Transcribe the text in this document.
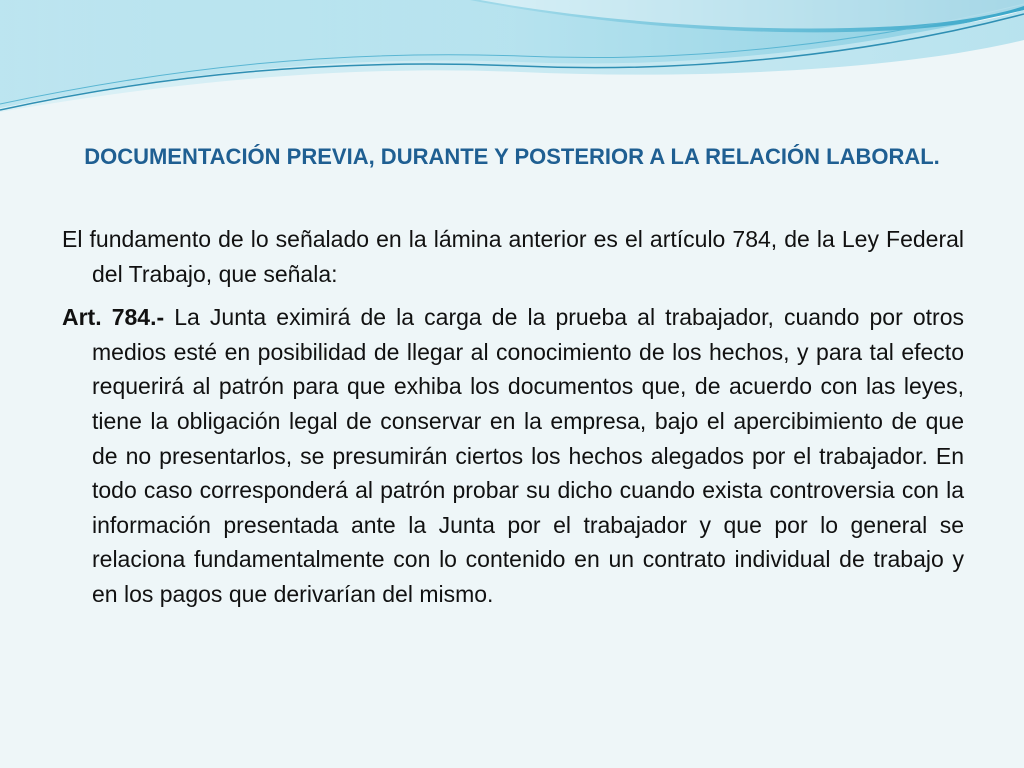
DOCUMENTACIÓN PREVIA, DURANTE Y POSTERIOR A LA RELACIÓN LABORAL.

El fundamento de lo señalado en la lámina anterior es el artículo 784, de la Ley Federal del Trabajo, que señala:

Art. 784.- La Junta eximirá de la carga de la prueba al trabajador, cuando por otros medios esté en posibilidad de llegar al conocimiento de los hechos, y para tal efecto requerirá al patrón para que exhiba los documentos que, de acuerdo con las leyes, tiene la obligación legal de conservar en la empresa, bajo el apercibimiento de que de no presentarlos, se presumirán ciertos los hechos alegados por el trabajador. En todo caso corresponderá al patrón probar su dicho cuando exista controversia con la información presentada ante la Junta por el trabajador y que por lo general se relaciona fundamentalmente con lo contenido en un contrato individual de trabajo y en los pagos que derivarían del mismo.
